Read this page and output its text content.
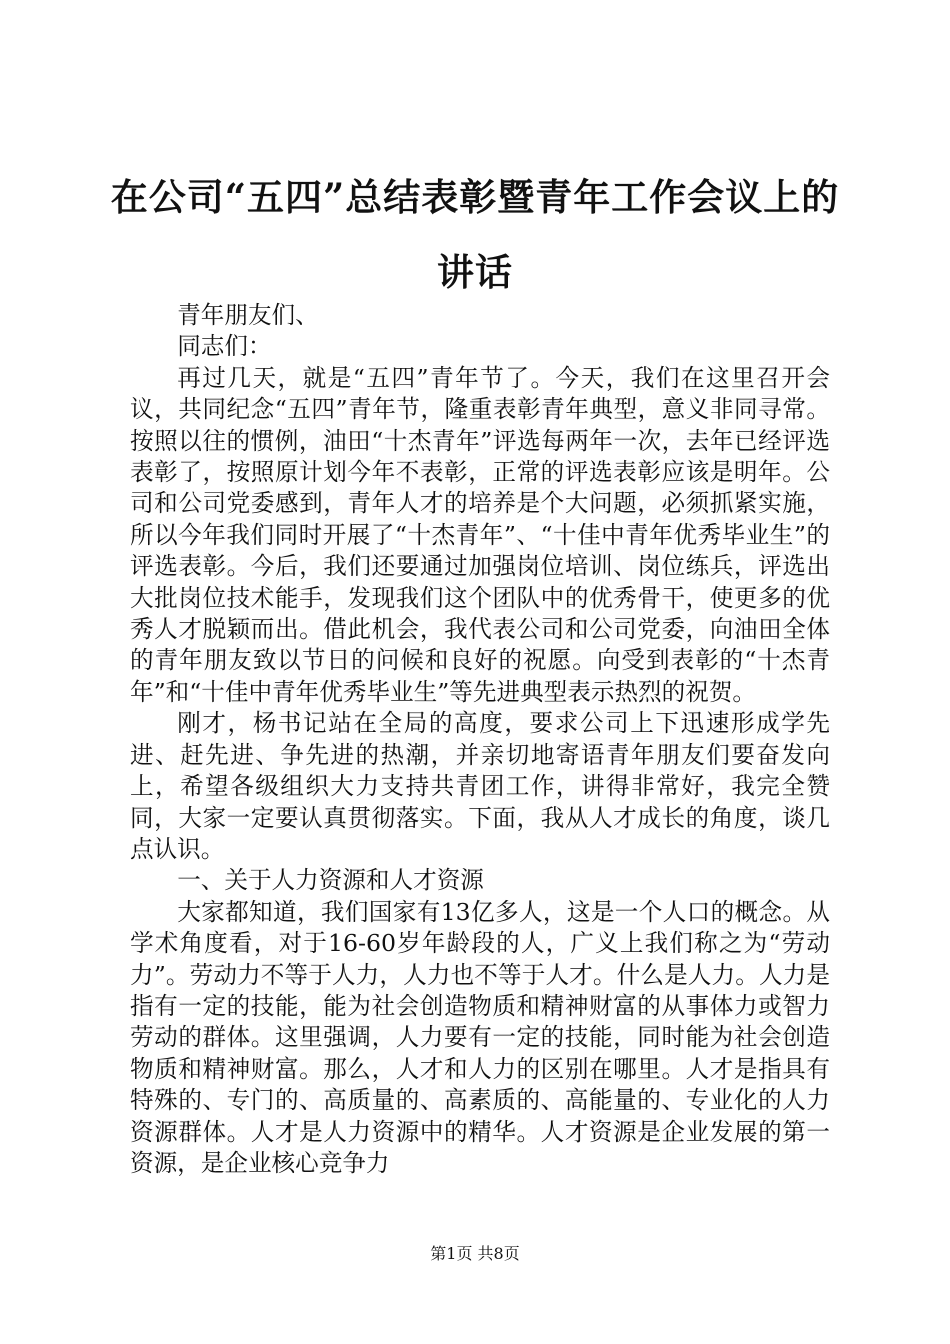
在公司“五四”总结表彰暨青年工作会议上的讲话

青年朋友们、

同志们：

再过几天，就是“五四”青年节了。今天，我们在这里召开会议，共同纪念“五四”青年节，隆重表彰青年典型，意义非同寻常。按照以往的惯例，油田“十杰青年”评选每两年一次，去年已经评选表彰了，按照原计划今年不表彰，正常的评选表彰应该是明年。公司和公司党委感到，青年人才的培养是个大问题，必须抓紧实施，所以今年我们同时开展了“十杰青年”、“十佳中青年优秀毕业生”的评选表彰。今后，我们还要通过加强岗位培训、岗位练兵，评选出大批岗位技术能手，发现我们这个团队中的优秀骨干，使更多的优秀人才脱颖而出。借此机会，我代表公司和公司党委，向油田全体的青年朋友致以节日的问候和良好的祝愿。向受到表彰的“十杰青年”和“十佳中青年优秀毕业生”等先进典型表示热烈的祝贺。

刚才，杨书记站在全局的高度，要求公司上下迅速形成学先进、赶先进、争先进的热潮，并亲切地寄语青年朋友们要奋发向上，希望各级组织大力支持共青团工作，讲得非常好，我完全赞同，大家一定要认真贯彻落实。下面，我从人才成长的角度，谈几点认识。

一、关于人力资源和人才资源

大家都知道，我们国家有13亿多人，这是一个人口的概念。从学术角度看，对于16-60岁年龄段的人，广义上我们称之为“劳动力”。劳动力不等于人力，人力也不等于人才。什么是人力。人力是指有一定的技能，能为社会创造物质和精神财富的从事体力或智力劳动的群体。这里强调，人力要有一定的技能，同时能为社会创造物质和精神财富。那么，人才和人力的区别在哪里。人才是指具有特殊的、专门的、高质量的、高素质的、高能量的、专业化的人力资源群体。人才是人力资源中的精华。人才资源是企业发展的第一资源，是企业核心竞争力

第1页 共8页
